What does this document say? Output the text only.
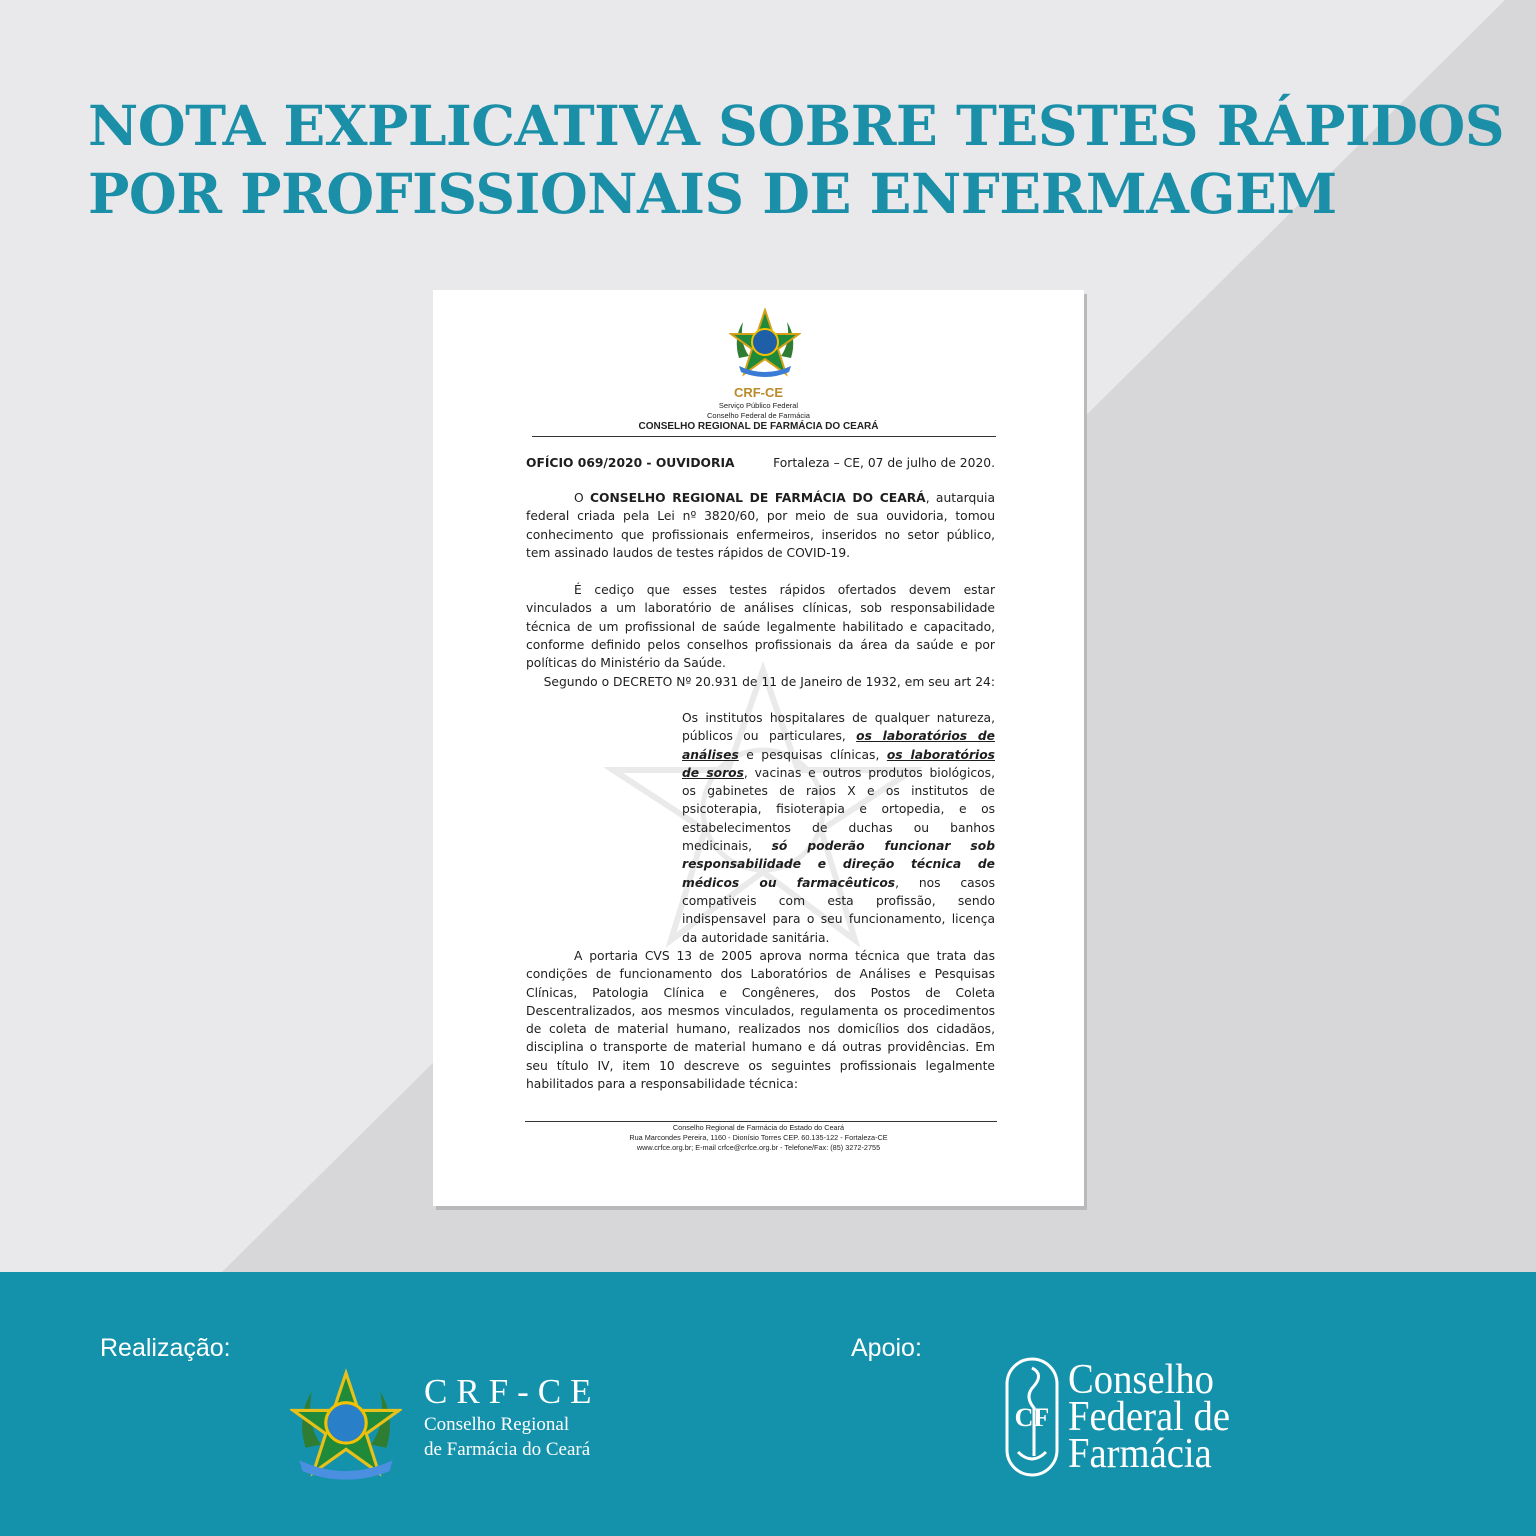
NOTA EXPLICATIVA SOBRE TESTES RÁPIDOS
POR PROFISSIONAIS DE ENFERMAGEM
CRF-CE
Serviço Público Federal
Conselho Federal de Farmácia
CONSELHO REGIONAL DE FARMÁCIA DO CEARÁ
OFÍCIO 069/2020 - OUVIDORIA	Fortaleza – CE, 07 de julho de 2020.

O CONSELHO REGIONAL DE FARMÁCIA DO CEARÁ, autarquia federal criada pela Lei nº 3820/60, por meio de sua ouvidoria, tomou conhecimento que profissionais enfermeiros, inseridos no setor público, tem assinado laudos de testes rápidos de COVID-19.

É cediço que esses testes rápidos ofertados devem estar vinculados a um laboratório de análises clínicas, sob responsabilidade técnica de um profissional de saúde legalmente habilitado e capacitado, conforme definido pelos conselhos profissionais da área da saúde e por políticas do Ministério da Saúde.

Segundo o DECRETO Nº 20.931 de 11 de Janeiro de 1932, em seu art 24:
Os institutos hospitalares de qualquer natureza, públicos ou particulares, os laboratórios de análises e pesquisas clínicas, os laboratórios de soros, vacinas e outros produtos biológicos, os gabinetes de raios X e os institutos de psicoterapia, fisioterapia e ortopedia, e os estabelecimentos de duchas ou banhos medicinais, só poderão funcionar sob responsabilidade e direção técnica de médicos ou farmacêuticos, nos casos compativeis com esta profissão, sendo indispensavel para o seu funcionamento, licença da autoridade sanitária.

A portaria CVS 13 de 2005 aprova norma técnica que trata das condições de funcionamento dos Laboratórios de Análises e Pesquisas Clínicas, Patologia Clínica e Congêneres, dos Postos de Coleta Descentralizados, aos mesmos vinculados, regulamenta os procedimentos de coleta de material humano, realizados nos domicílios dos cidadãos, disciplina o transporte de material humano e dá outras providências. Em seu título IV, item 10 descreve os seguintes profissionais legalmente habilitados para a responsabilidade técnica:

Conselho Regional de Farmácia do Estado do Ceará
Rua Marcondes Pereira, 1160 - Dionísio Torres CEP. 60.135-122 - Fortaleza-CE
www.crfce.org.br; E-mail crfce@crfce.org.br - Telefone/Fax: (85) 3272-2755
Realização:	Apoio:
CRF-CE
Conselho Regional
de Farmácia do Ceará
CF
Conselho
Federal de
Farmácia
